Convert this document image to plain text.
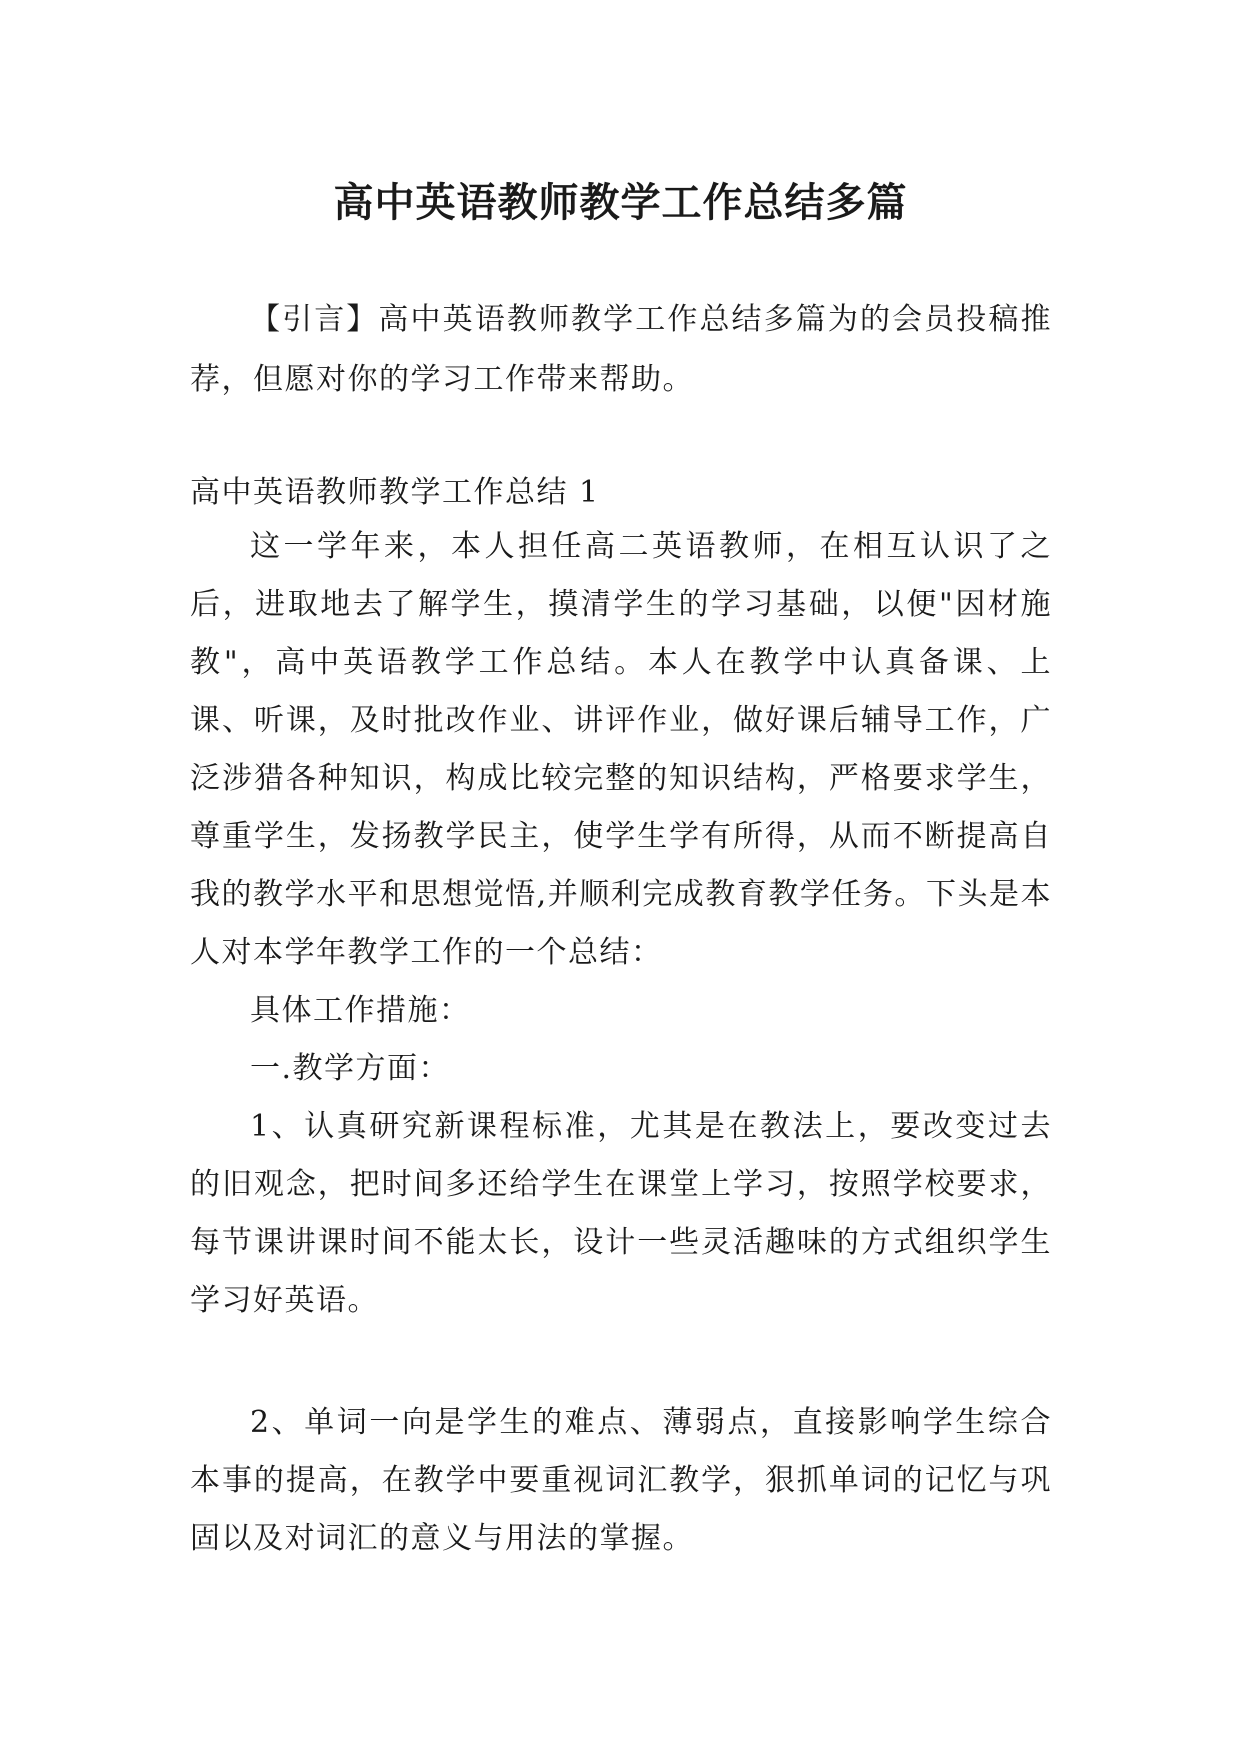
高中英语教师教学工作总结多篇

【引言】高中英语教师教学工作总结多篇为的会员投稿推荐，但愿对你的学习工作带来帮助。

高中英语教师教学工作总结 1

这一学年来，本人担任高二英语教师，在相互认识了之后，进取地去了解学生，摸清学生的学习基础，以便"因材施教"，高中英语教学工作总结。本人在教学中认真备课、上课、听课，及时批改作业、讲评作业，做好课后辅导工作，广泛涉猎各种知识，构成比较完整的知识结构，严格要求学生，尊重学生，发扬教学民主，使学生学有所得，从而不断提高自我的教学水平和思想觉悟,并顺利完成教育教学任务。下头是本人对本学年教学工作的一个总结：

具体工作措施：

一.教学方面：

1、认真研究新课程标准，尤其是在教法上，要改变过去的旧观念，把时间多还给学生在课堂上学习，按照学校要求，每节课讲课时间不能太长，设计一些灵活趣味的方式组织学生学习好英语。

2、单词一向是学生的难点、薄弱点，直接影响学生综合本事的提高，在教学中要重视词汇教学，狠抓单词的记忆与巩固以及对词汇的意义与用法的掌握。
